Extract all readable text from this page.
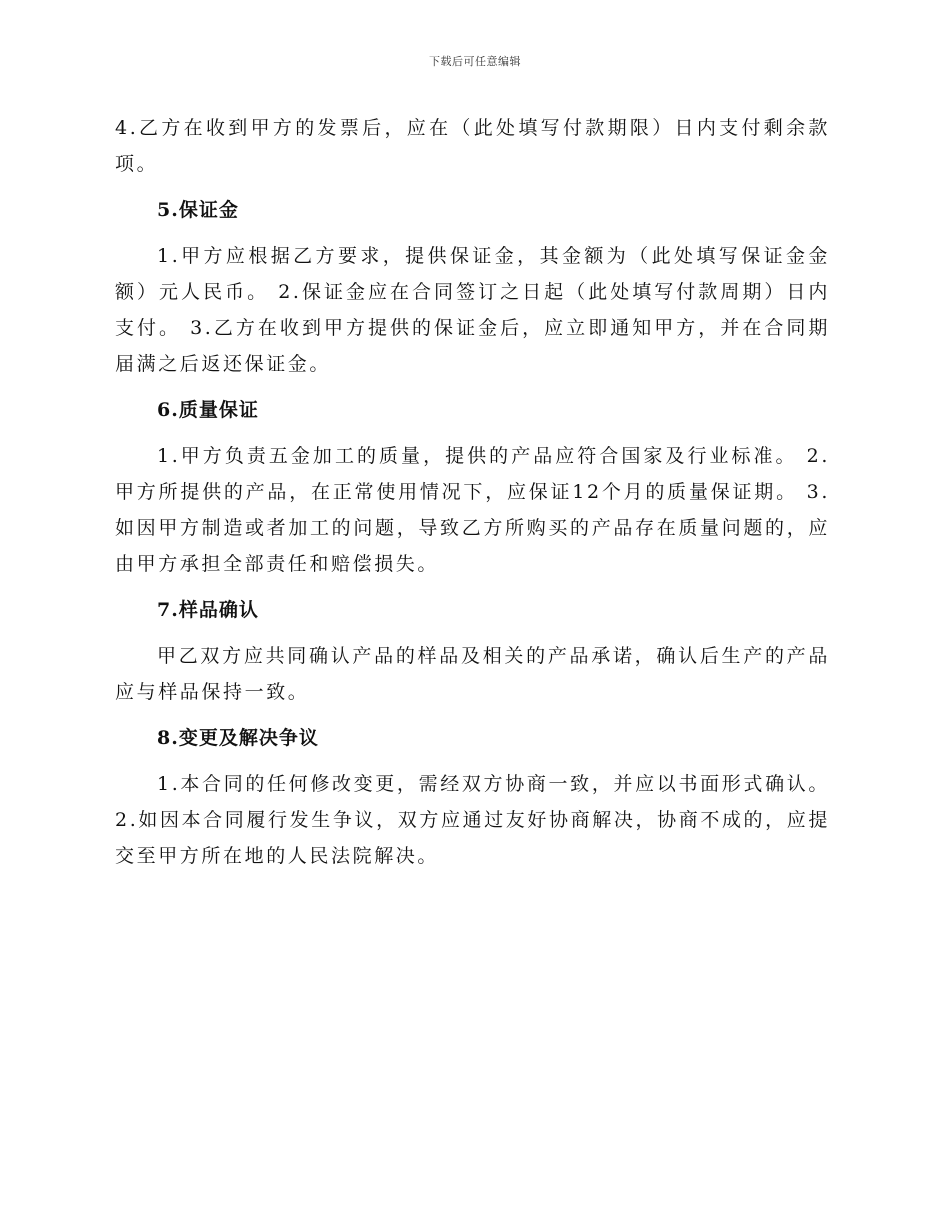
下载后可任意编辑

4.乙方在收到甲方的发票后，应在（此处填写付款期限）日内支付剩余款项。

5.保证金

1.甲方应根据乙方要求，提供保证金，其金额为（此处填写保证金金额）元人民币。 2.保证金应在合同签订之日起（此处填写付款周期）日内支付。 3.乙方在收到甲方提供的保证金后，应立即通知甲方，并在合同期届满之后返还保证金。

6.质量保证

1.甲方负责五金加工的质量，提供的产品应符合国家及行业标准。 2.甲方所提供的产品，在正常使用情况下，应保证12个月的质量保证期。 3.如因甲方制造或者加工的问题，导致乙方所购买的产品存在质量问题的，应由甲方承担全部责任和赔偿损失。

7.样品确认

甲乙双方应共同确认产品的样品及相关的产品承诺，确认后生产的产品应与样品保持一致。

8.变更及解决争议

1.本合同的任何修改变更，需经双方协商一致，并应以书面形式确认。2.如因本合同履行发生争议，双方应通过友好协商解决，协商不成的，应提交至甲方所在地的人民法院解决。
